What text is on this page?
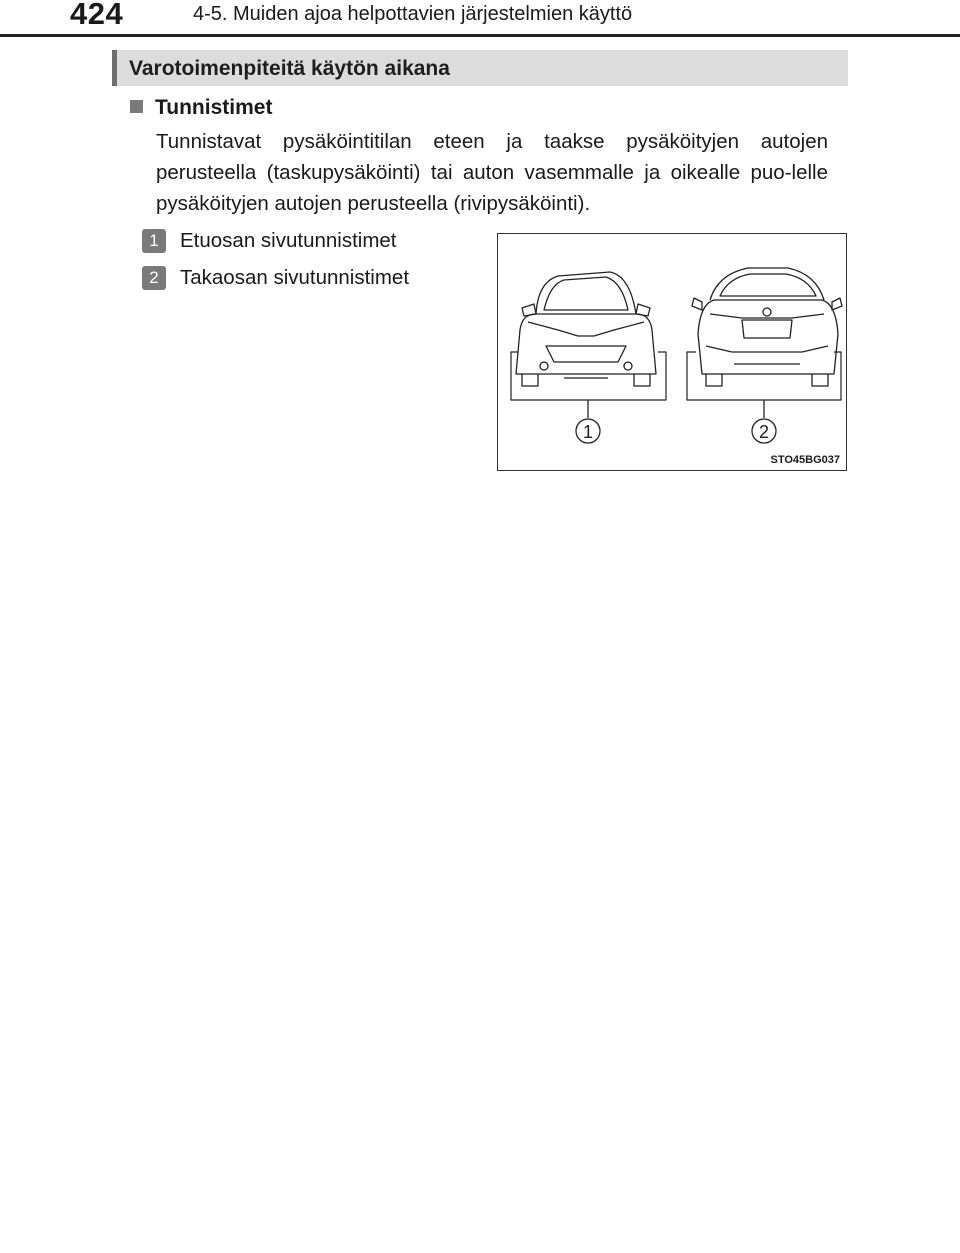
424	4-5. Muiden ajoa helpottavien järjestelmien käyttö
Varotoimenpiteitä käytön aikana
Tunnistimet
Tunnistavat pysäköintitilan eteen ja taakse pysäköityjen autojen perusteella (taskupysäköinti) tai auton vasemmalle ja oikealle puo-lelle pysäköityjen autojen perusteella (rivipysäköinti).
1 Etuosan sivutunnistimet
2 Takaosan sivutunnistimet
1	2
STO45BG037
